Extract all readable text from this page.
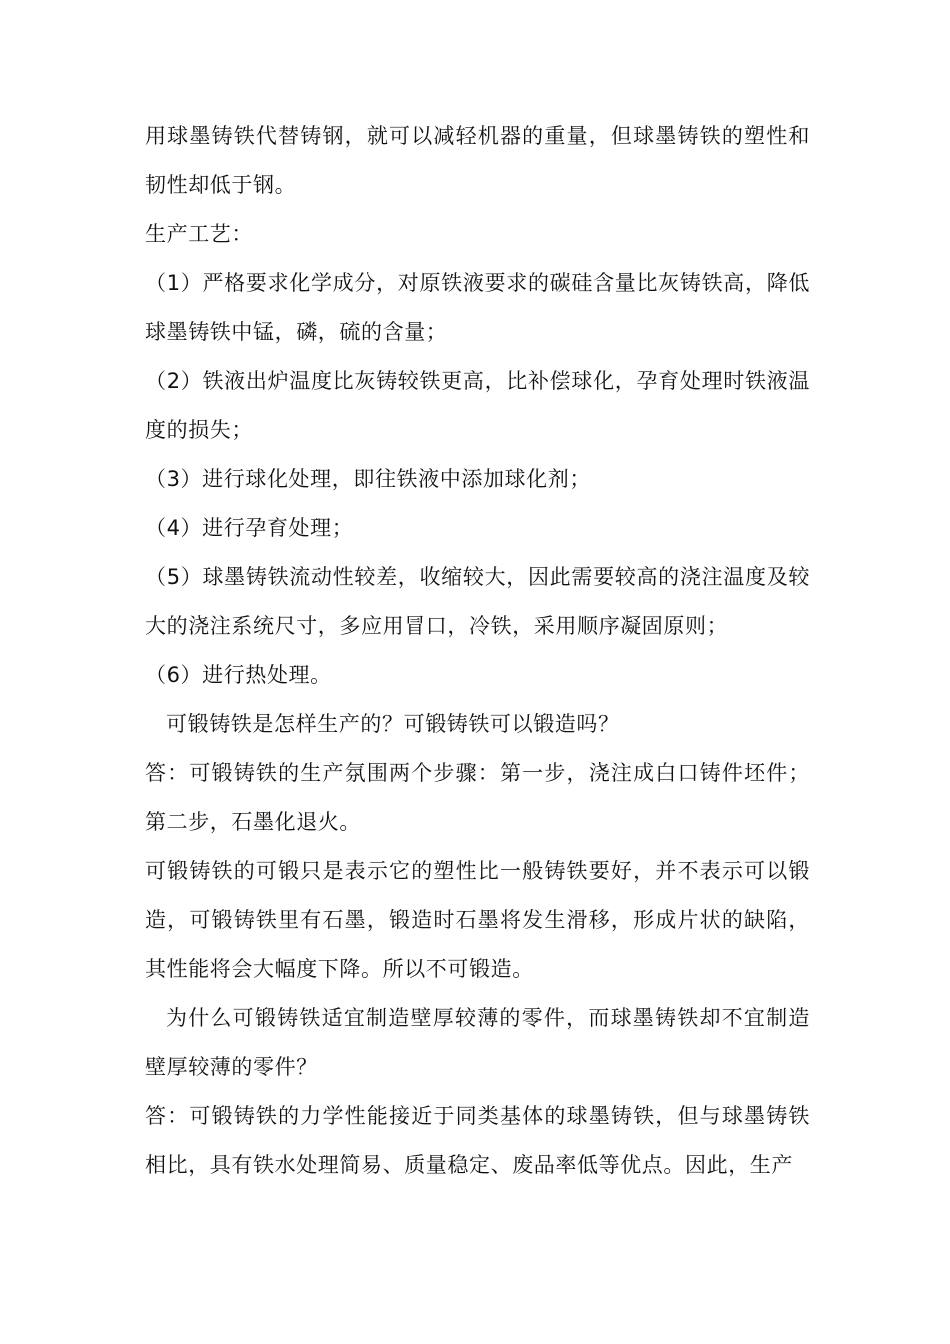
用球墨铸铁代替铸钢，就可以减轻机器的重量，但球墨铸铁的塑性和韧性却低于钢。

生产工艺：

（1）严格要求化学成分，对原铁液要求的碳硅含量比灰铸铁高，降低球墨铸铁中锰，磷，硫的含量；

（2）铁液出炉温度比灰铸较铁更高，比补偿球化，孕育处理时铁液温度的损失；

（3）进行球化处理，即往铁液中添加球化剂；

（4）进行孕育处理；

（5）球墨铸铁流动性较差，收缩较大，因此需要较高的浇注温度及较大的浇注系统尺寸，多应用冒口，冷铁，采用顺序凝固原则；

（6）进行热处理。

可锻铸铁是怎样生产的？可锻铸铁可以锻造吗？

答：可锻铸铁的生产氛围两个步骤：第一步，浇注成白口铸件坯件；第二步，石墨化退火。

可锻铸铁的可锻只是表示它的塑性比一般铸铁要好，并不表示可以锻造，可锻铸铁里有石墨，锻造时石墨将发生滑移，形成片状的缺陷，其性能将会大幅度下降。所以不可锻造。

为什么可锻铸铁适宜制造壁厚较薄的零件，而球墨铸铁却不宜制造壁厚较薄的零件？

答：可锻铸铁的力学性能接近于同类基体的球墨铸铁，但与球墨铸铁相比，具有铁水处理简易、质量稳定、废品率低等优点。因此，生产
